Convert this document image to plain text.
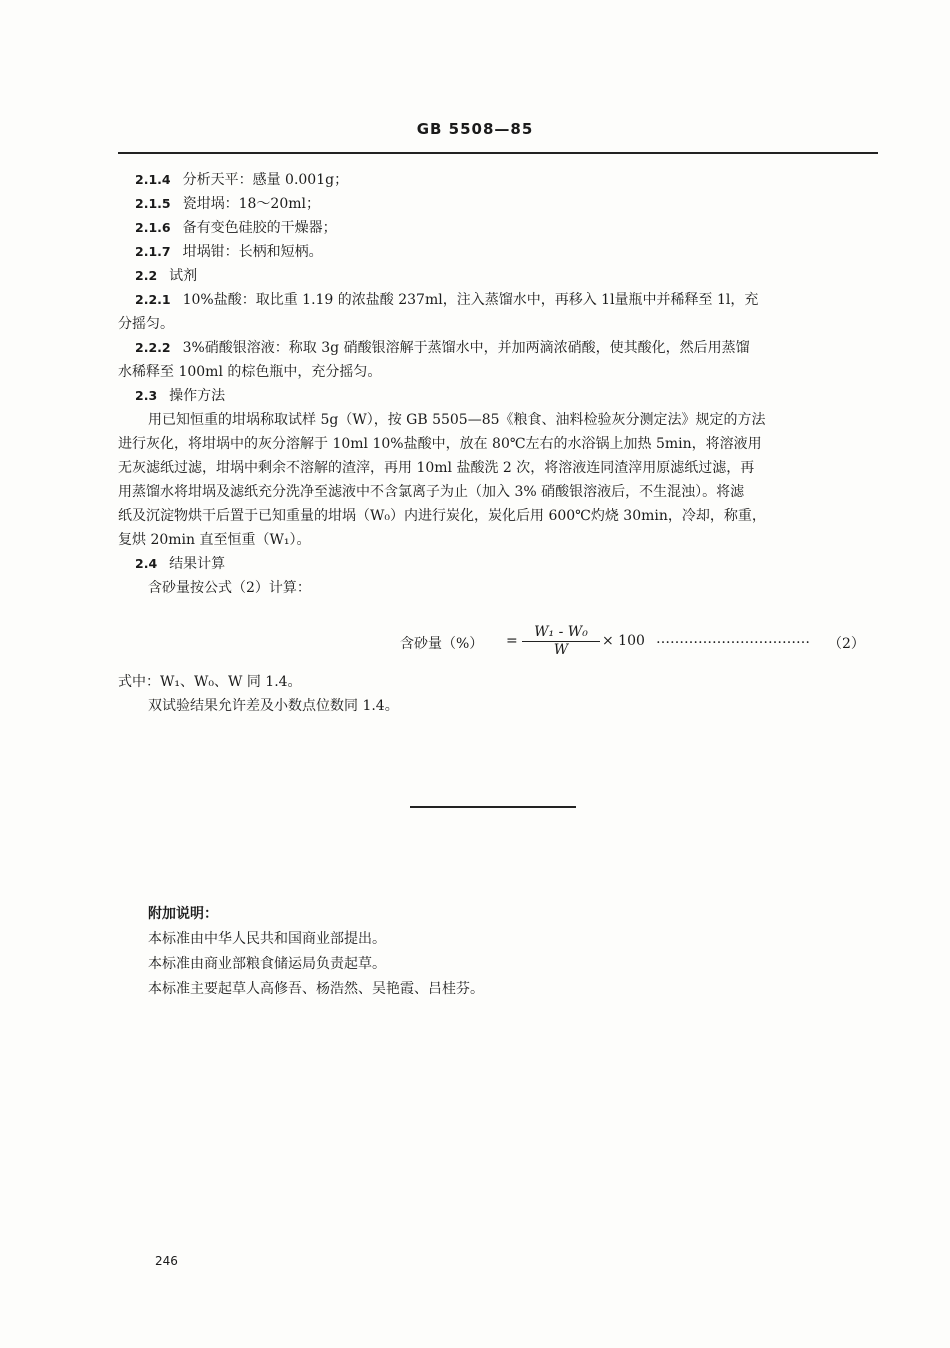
GB 5508—85
2.1.4 分析天平：感量 0.001g；
2.1.5 瓷坩埚：18～20ml；
2.1.6 备有变色硅胶的干燥器；
2.1.7 坩埚钳：长柄和短柄。
2.2 试剂
2.2.1 10%盐酸：取比重 1.19 的浓盐酸 237ml，注入蒸馏水中，再移入 1l量瓶中并稀释至 1l，充
分摇匀。
2.2.2 3%硝酸银溶液：称取 3g 硝酸银溶解于蒸馏水中，并加两滴浓硝酸，使其酸化，然后用蒸馏
水稀释至 100ml 的棕色瓶中，充分摇匀。
2.3 操作方法
用已知恒重的坩埚称取试样 5g（W），按 GB 5505—85《粮食、油料检验灰分测定法》规定的方法
进行灰化，将坩埚中的灰分溶解于 10ml 10%盐酸中，放在 80℃左右的水浴锅上加热 5min，将溶液用
无灰滤纸过滤，坩埚中剩余不溶解的渣滓，再用 10ml 盐酸洗 2 次，将溶液连同渣滓用原滤纸过滤，再
用蒸馏水将坩埚及滤纸充分洗净至滤液中不含氯离子为止（加入 3% 硝酸银溶液后，不生混浊）。将滤
纸及沉淀物烘干后置于已知重量的坩埚（W₀）内进行炭化，炭化后用 600℃灼烧 30min，冷却，称重，
复烘 20min 直至恒重（W₁）。
2.4 结果计算
含砂量按公式（2）计算：
含砂量（%） = $\frac{\text{W₁ - W₀}}{W} \times 100$ …………………………… （2）
式中：W₁、W₀、W 同 1.4。
双试验结果允许差及小数点位数同 1.4。
附加说明：
本标准由中华人民共和国商业部提出。
本标准由商业部粮食储运局负责起草。
本标准主要起草人高修吾、杨浩然、吴艳霞、吕桂芬。
246
